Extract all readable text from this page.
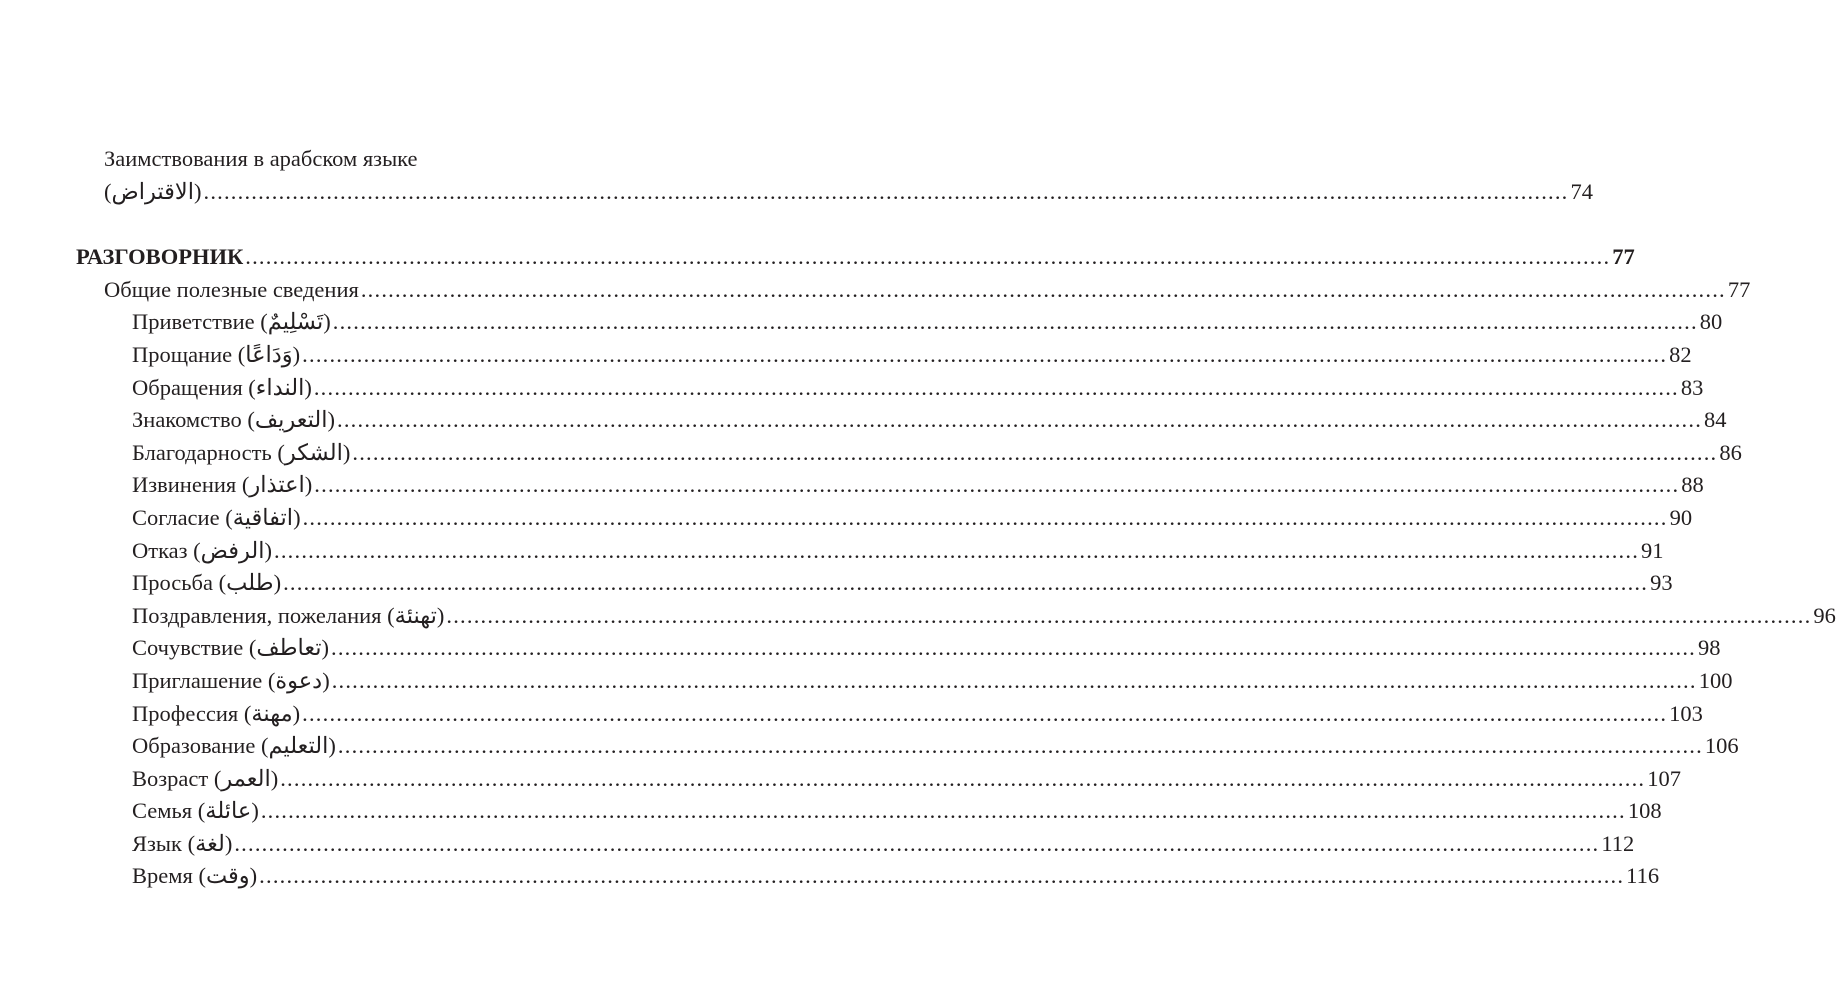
Заимствования в арабском языке
(الاقتراض) ........................................................................................................................................................................................................ 74
РАЗГОВОРНИК ........................................................................................................................................................................................................ 77
Общие полезные сведения ........................................................................................................................................................................................................ 77
Приветствие (تَسْلِيمٌ) ........................................................................................................................................................................................................ 80
Прощание (وَدَاعًا) ........................................................................................................................................................................................................ 82
Обращения (النداء) ........................................................................................................................................................................................................ 83
Знакомство (التعريف) ........................................................................................................................................................................................................ 84
Благодарность (الشكر) ........................................................................................................................................................................................................ 86
Извинения (اعتذار) ........................................................................................................................................................................................................ 88
Согласие (اتفاقية) ........................................................................................................................................................................................................ 90
Отказ (الرفض) ........................................................................................................................................................................................................ 91
Просьба (طلب) ........................................................................................................................................................................................................ 93
Поздравления, пожелания (تهنئة) ........................................................................................................................................................................................................ 96
Сочувствие (تعاطف) ........................................................................................................................................................................................................ 98
Приглашение (دعوة) ........................................................................................................................................................................................................ 100
Профессия (مهنة) ........................................................................................................................................................................................................ 103
Образование (التعليم) ........................................................................................................................................................................................................ 106
Возраст (العمر) ........................................................................................................................................................................................................ 107
Семья (عائلة) ........................................................................................................................................................................................................ 108
Язык (لغة) ........................................................................................................................................................................................................ 112
Время (وقت) ........................................................................................................................................................................................................ 116
